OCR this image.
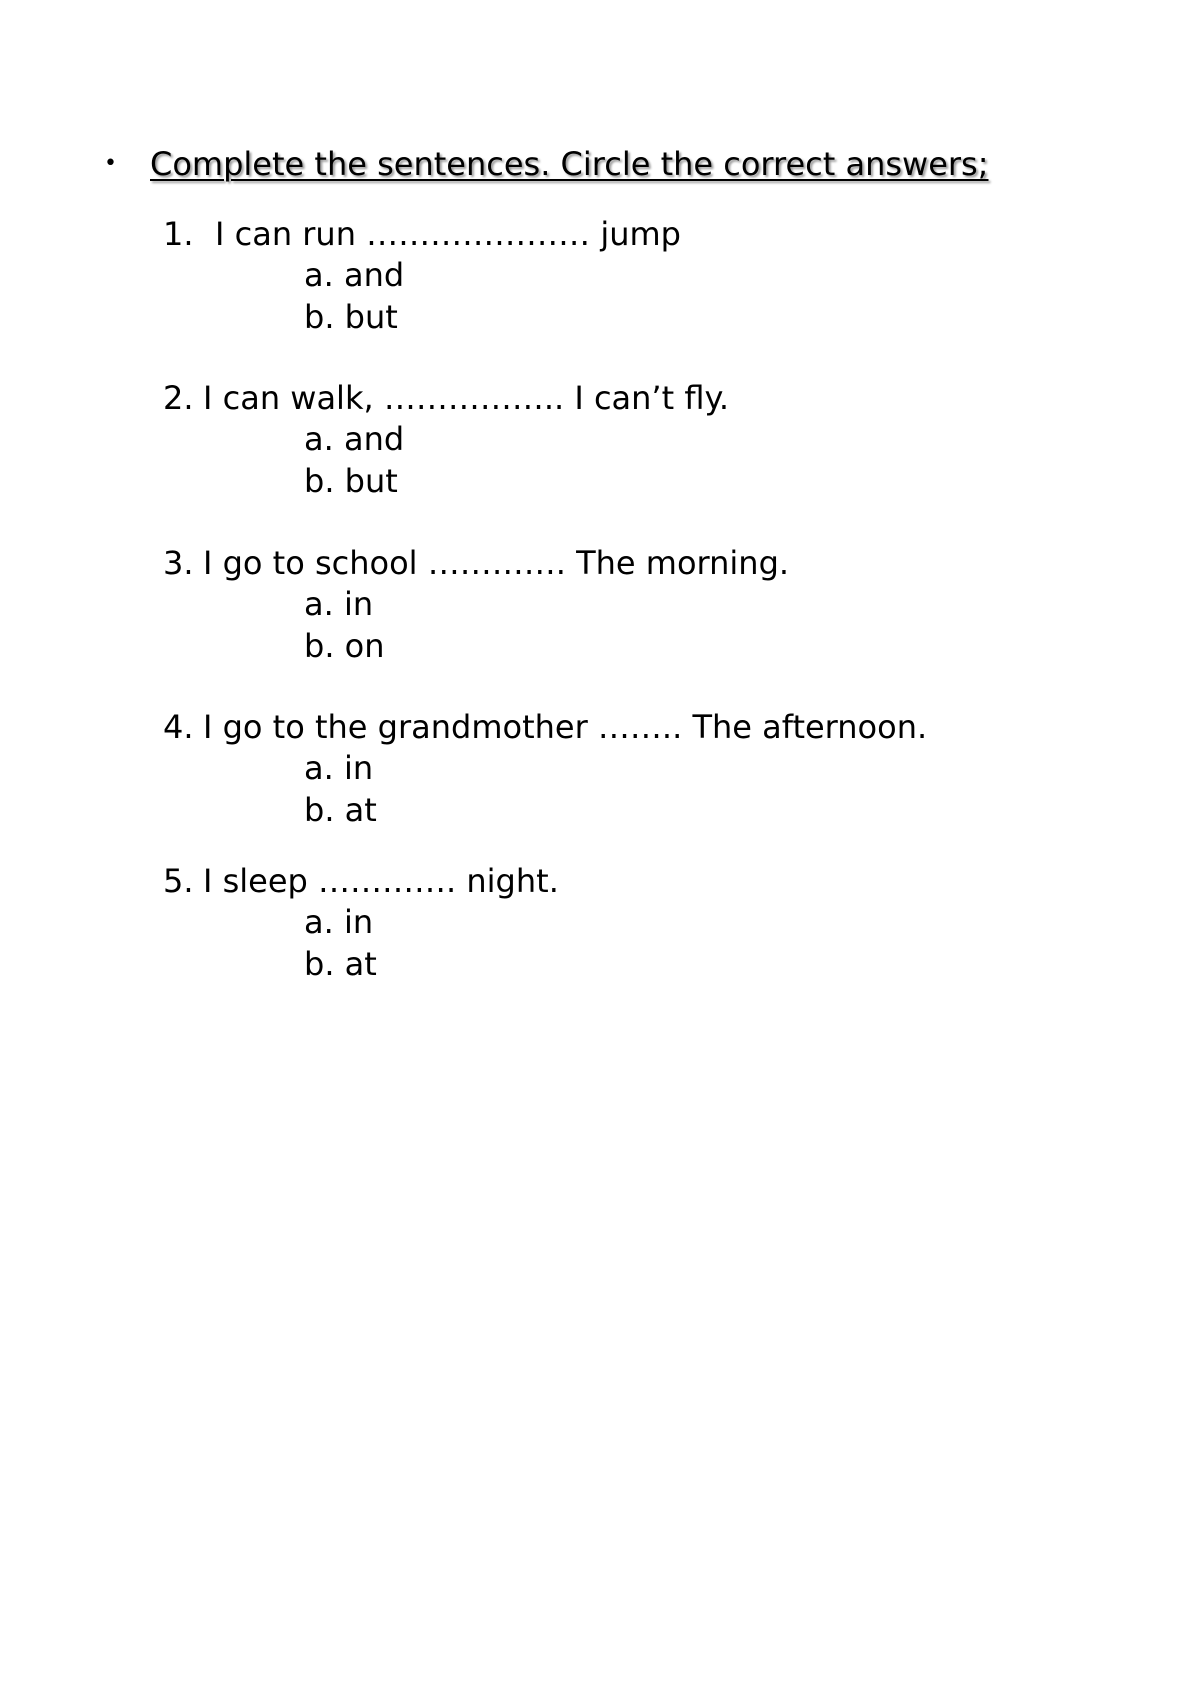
•	Complete the sentences. Circle the correct answers;
1. I can run ………………… jump
a. and
b. but
2. I can walk, …………….. I can’t fly.
a. and
b. but
3. I go to school …………. The morning.
a. in
b. on
4. I go to the grandmother …….. The afternoon.
a. in
b. at
5. I sleep …………. night.
a. in
b. at
